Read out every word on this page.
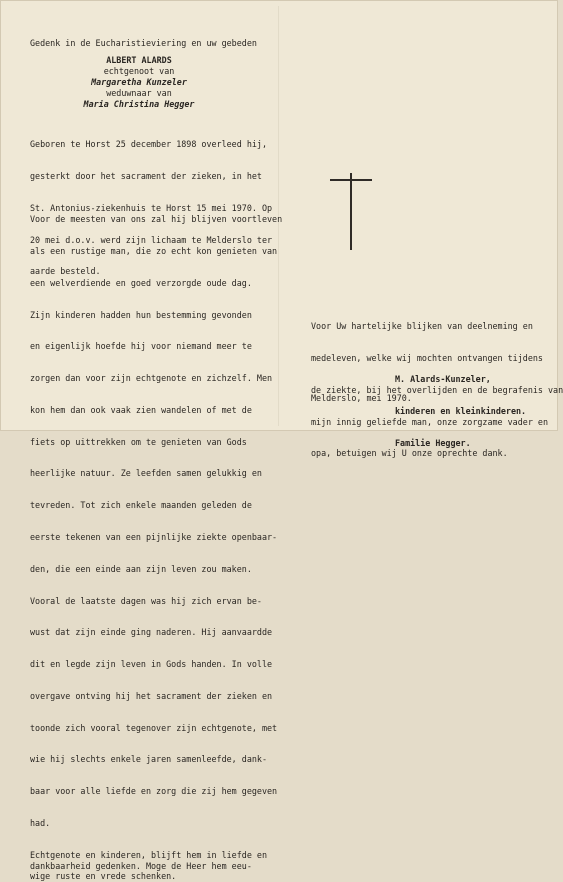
Gedenk in de Eucharistieviering en uw gebeden
ALBERT ALARDS
echtgenoot van
Margaretha Kunzeler
weduwnaar van
Maria Christina Hegger

Geboren te Horst 25 december 1898 overleed hij,

gesterkt door het sacrament der zieken, in het

St. Antonius-ziekenhuis te Horst 15 mei 1970. Op

20 mei d.o.v. werd zijn lichaam te Melderslo ter

aarde besteld.

Voor de meesten van ons zal hij blijven voortleven

als een rustige man, die zo echt kon genieten van

een welverdiende en goed verzorgde oude dag.

Zijn kinderen hadden hun bestemming gevonden

en eigenlijk hoefde hij voor niemand meer te

zorgen dan voor zijn echtgenote en zichzelf. Men

kon hem dan ook vaak zien wandelen of met de

fiets op uittrekken om te genieten van Gods

heerlijke natuur. Ze leefden samen gelukkig en

tevreden. Tot zich enkele maanden geleden de

eerste tekenen van een pijnlijke ziekte openbaar-

den, die een einde aan zijn leven zou maken.

Vooral de laatste dagen was hij zich ervan be-

wust dat zijn einde ging naderen. Hij aanvaardde

dit en legde zijn leven in Gods handen. In volle

overgave ontving hij het sacrament der zieken en

toonde zich vooral tegenover zijn echtgenote, met

wie hij slechts enkele jaren samenleefde, dank-

baar voor alle liefde en zorg die zij hem gegeven

had.

Echtgenote en kinderen, blijft hem in liefde en
dankbaarheid gedenken. Moge de Heer hem eeu-
wige ruste en vrede schenken.

Voor Uw hartelijke blijken van deelneming en

medeleven, welke wij mochten ontvangen tijdens

de ziekte, bij het overlijden en de begrafenis van

mijn innig geliefde man, onze zorgzame vader en

opa, betuigen wij U onze oprechte dank.

M. Alards-Kunzeler,

kinderen en kleinkinderen.

Familie Hegger.

Melderslo, mei 1970.
